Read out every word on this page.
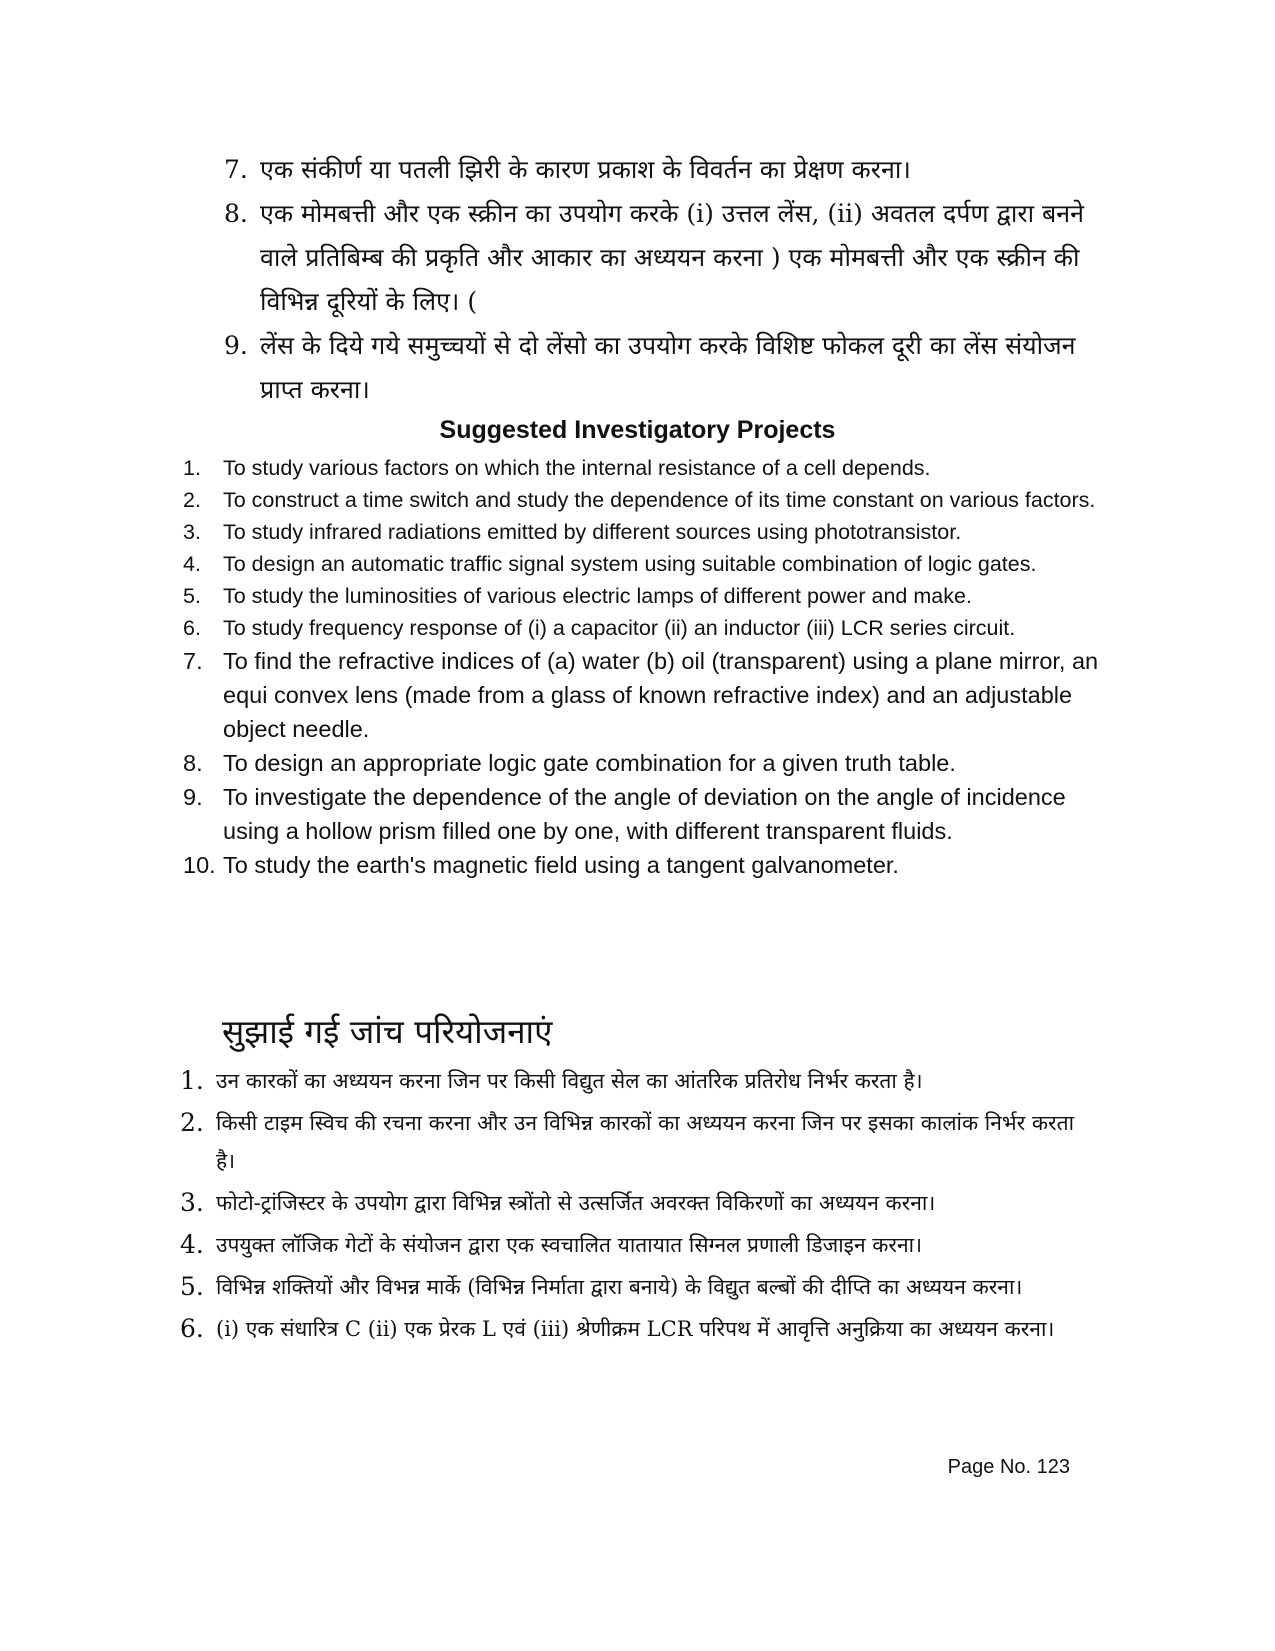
7. एक संकीर्ण या पतली झिरी के कारण प्रकाश के विवर्तन का प्रेक्षण करना।
8. एक मोमबत्ती और एक स्क्रीन का उपयोग करके (i) उत्तल लेंस, (ii) अवतल दर्पण द्वारा बनने वाले प्रतिबिम्ब की प्रकृति और आकार का अध्ययन करना ) एक मोमबत्ती और एक स्क्रीन की विभिन्न दूरियों के लिए। (
9. लेंस के दिये गये समुच्चयों से दो लेंसो का उपयोग करके विशिष्ट फोकल दूरी का लेंस संयोजन प्राप्त करना।
Suggested Investigatory Projects
1. To study various factors on which the internal resistance of a cell depends.
2. To construct a time switch and study the dependence of its time constant on various factors.
3. To study infrared radiations emitted by different sources using phototransistor.
4. To design an automatic traffic signal system using suitable combination of logic gates.
5. To study the luminosities of various electric lamps of different power and make.
6. To study frequency response of (i) a capacitor (ii) an inductor (iii) LCR series circuit.
7. To find the refractive indices of (a) water (b) oil (transparent) using a plane mirror, an equi convex lens (made from a glass of known refractive index) and an adjustable object needle.
8. To design an appropriate logic gate combination for a given truth table.
9. To investigate the dependence of the angle of deviation on the angle of incidence using a hollow prism filled one by one, with different transparent fluids.
10. To study the earth's magnetic field using a tangent galvanometer.
सुझाई गई जांच परियोजनाएं
1. उन कारकों का अध्ययन करना जिन पर किसी विद्युत सेल का आंतरिक प्रतिरोध निर्भर करता है।
2. किसी टाइम स्विच की रचना करना और उन विभिन्न कारकों का अध्ययन करना जिन पर इसका कालांक निर्भर करता है।
3. फोटो-ट्रांजिस्टर के उपयोग द्वारा विभिन्न स्त्रोंतो से उत्सर्जित अवरक्त विकिरणों का अध्ययन करना।
4. उपयुक्त लॉजिक गेटों के संयोजन द्वारा एक स्वचालित यातायात सिग्नल प्रणाली डिजाइन करना।
5. विभिन्न शक्तियों और विभन्न मार्के (विभिन्न निर्माता द्वारा बनाये) के विद्युत बल्बों की दीप्ति का अध्ययन करना।
6. (i) एक संधारित्र C (ii) एक प्रेरक L एवं (iii) श्रेणीक्रम LCR परिपथ में आवृत्ति अनुक्रिया का अध्ययन करना।
Page No. 123
